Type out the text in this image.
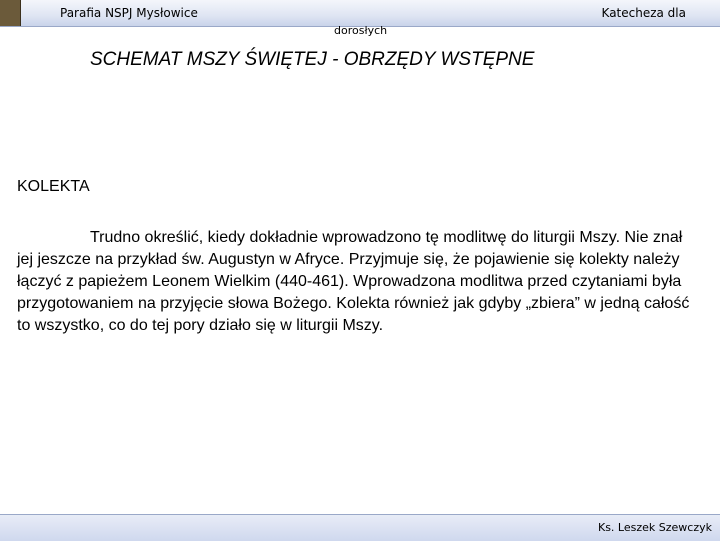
Parafia NSPJ Mysłowice	Katecheza dla
dorosłych
SCHEMAT MSZY ŚWIĘTEJ - OBRZĘDY WSTĘPNE
KOLEKTA

Trudno określić, kiedy dokładnie wprowadzono tę modlitwę do liturgii Mszy. Nie znał jej jeszcze na przykład św. Augustyn w Afryce. Przyjmuje się, że pojawienie się kolekty należy łączyć z papieżem Leonem Wielkim (440-461). Wprowadzona modlitwa przed czytaniami była przygotowaniem na przyjęcie słowa Bożego. Kolekta również jak gdyby „zbiera” w jedną całość to wszystko, co do tej pory działo się w liturgii Mszy.

Ks. Leszek Szewczyk
